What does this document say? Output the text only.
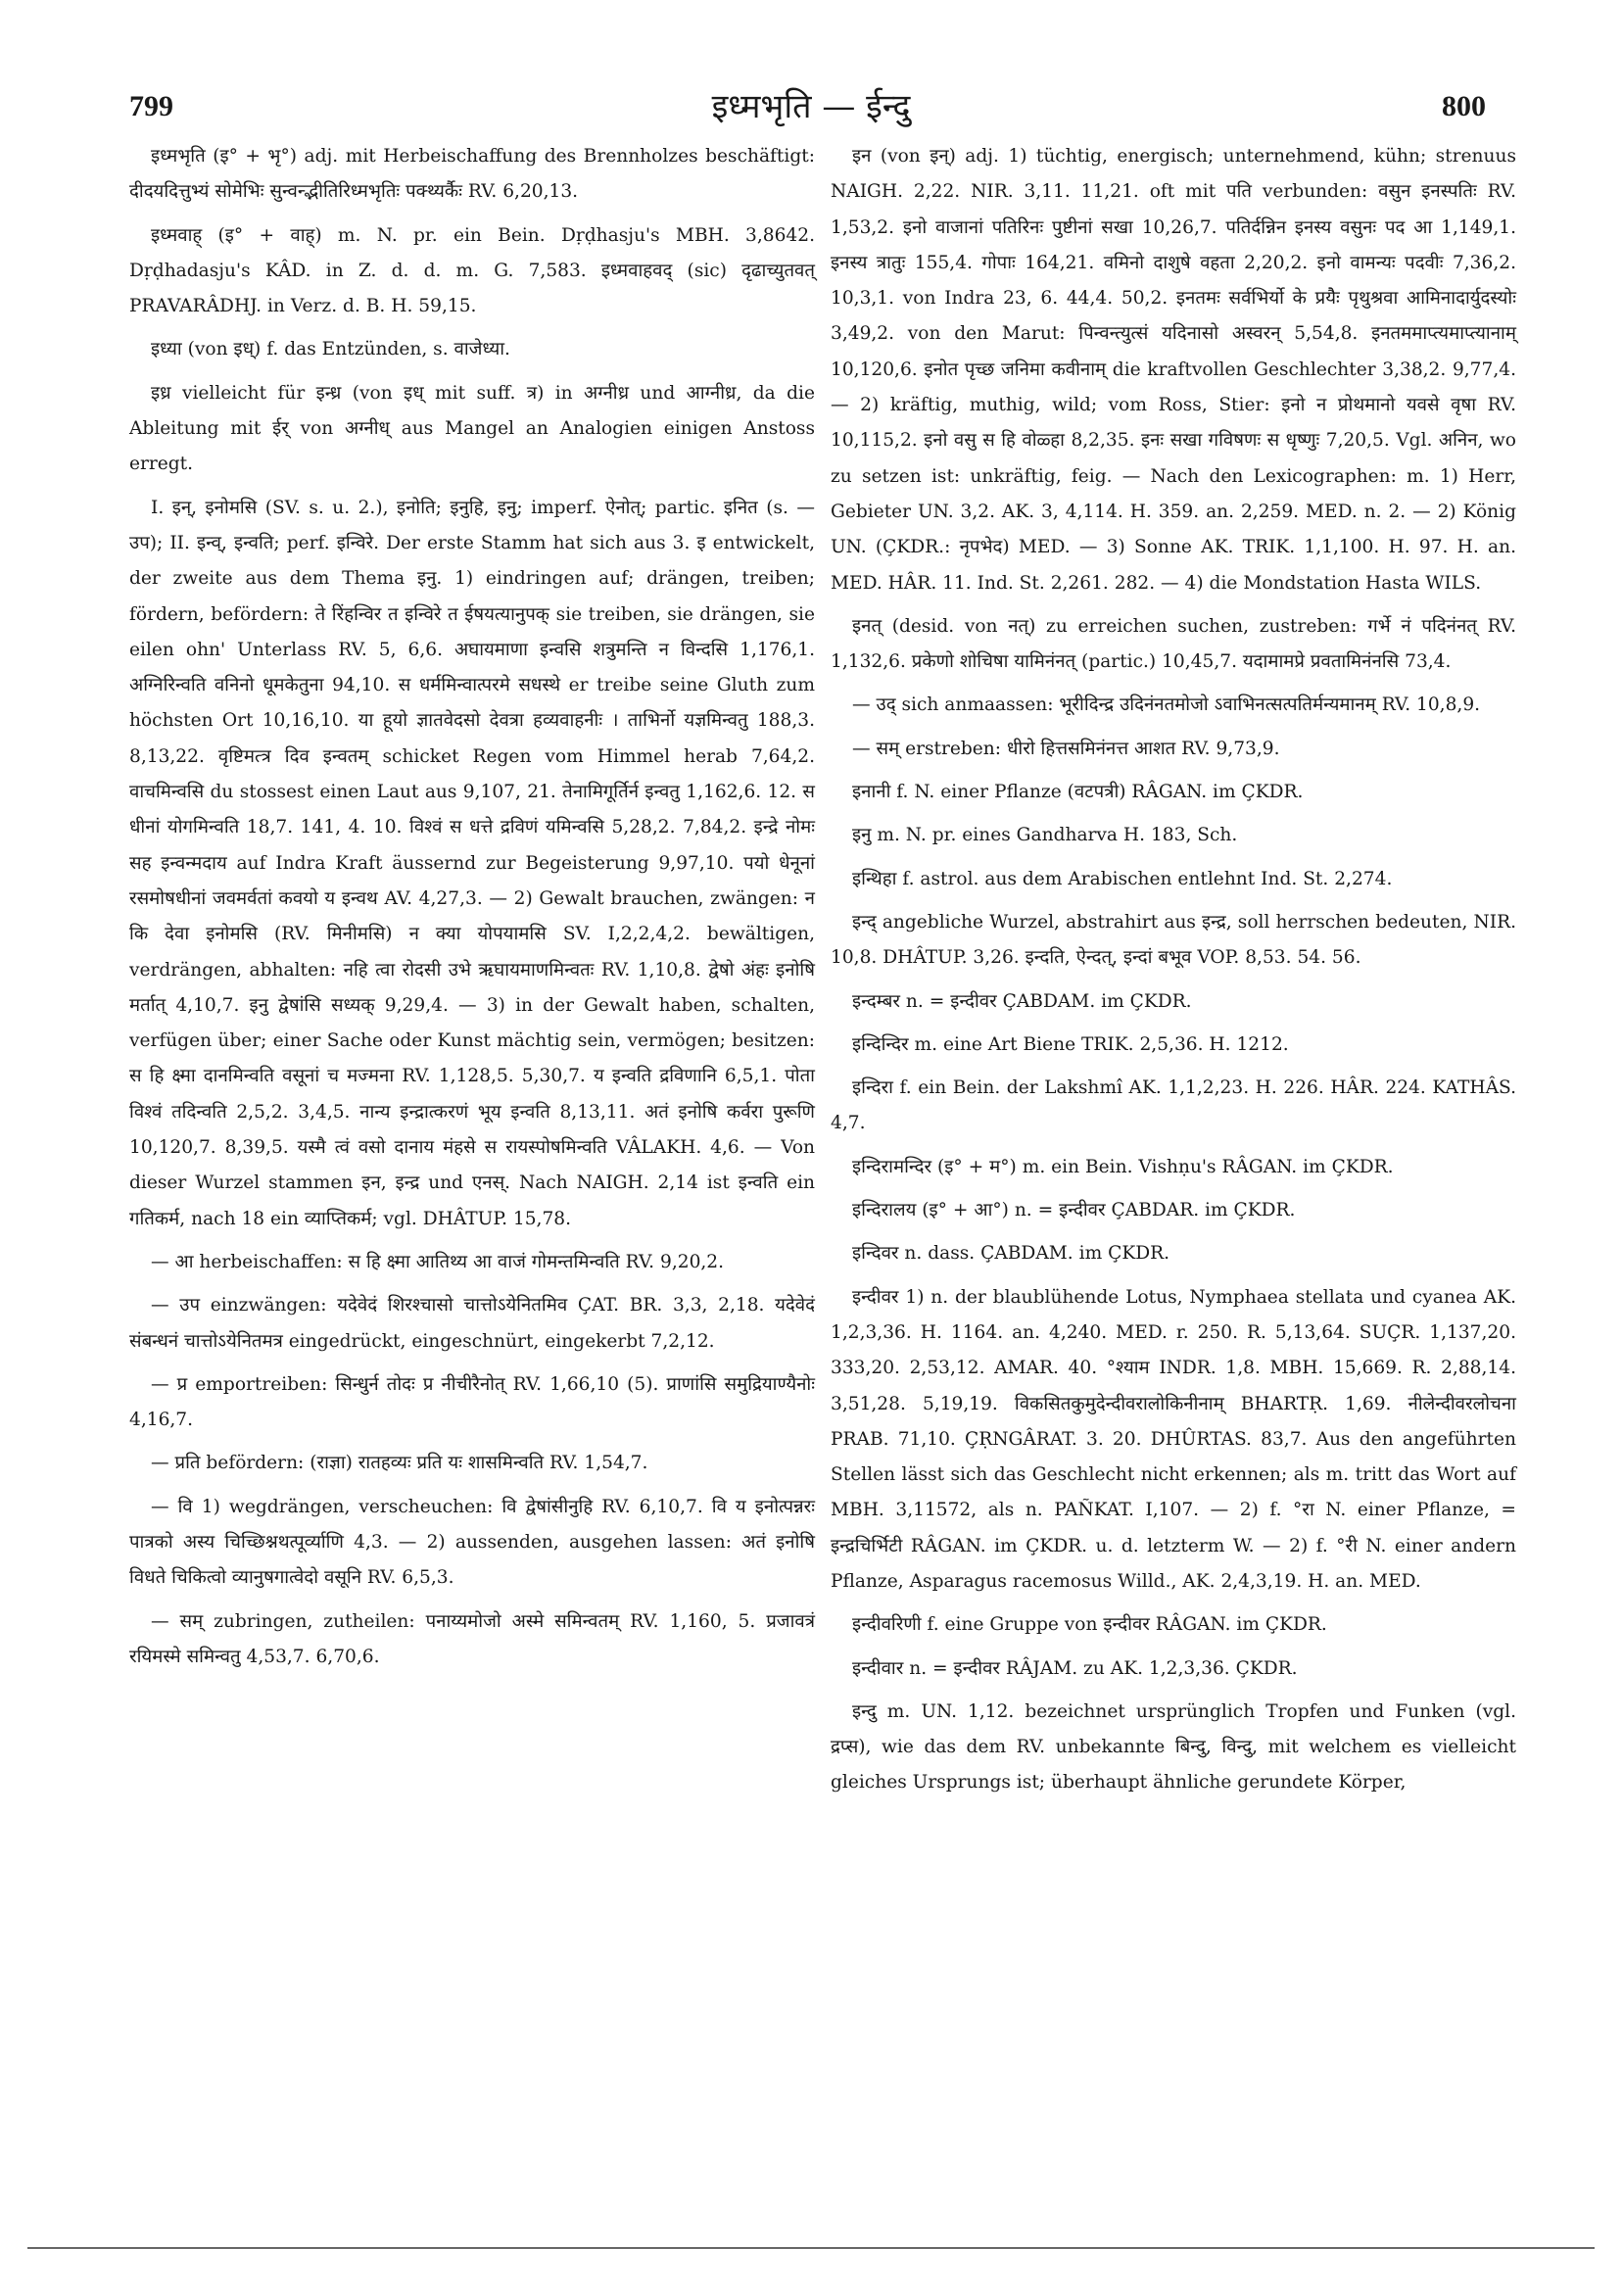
799	इध्मभृति — ईन्दु	800

इध्मभृति (इ° + भृ°) adj. mit Herbeischaffung des Brennholzes beschäftigt: दीदयदित्तुभ्यं सोमेभिः सुन्वन्द्भीतिरिध्मभृतिः पक्थ्यर्कैः RV. 6,20,13.

इध्मवाह् (इ° + वाह्) m. N. pr. ein Bein. Dṛḍhasju's MBH. 3,8642. Dṛḍhadasju's KÂD. in Z. d. d. m. G. 7,583. इध्मवाहवद् (sic) दृढाच्युतवत् PRAVARÂDHJ. in Verz. d. B. H. 59,15.

इध्या (von इध्) f. das Entzünden, s. वाजेध्या.

इध्र vielleicht für इन्ध्र (von इध् mit suff. त्र) in अग्नीध्र und आग्नीध्र, da die Ableitung mit ईर् von अग्नीध् aus Mangel an Analogien einigen Anstoss erregt.

I. इन्, इनोमसि (SV. s. u. 2.), इनोति; इनुहि, इनु; imperf. ऐनोत्; partic. इनित (s. — उप); II. इन्व्, इन्वति; perf. इन्विरे. Der erste Stamm hat sich aus 3. इ entwickelt, der zweite aus dem Thema इनु. 1) eindringen auf; drängen, treiben; fördern, befördern: ते रिंहन्विर त इन्विरे त ईषयत्यानुपक् sie treiben, sie drängen, sie eilen ohn' Unterlass RV. 5, 6,6. अघायमाणा इन्वसि शत्रुमन्ति न विन्दसि 1,176,1. अग्निरिन्वति वनिनो धूमकेतुना 94,10. स धर्ममिन्वात्परमे सधस्थे er treibe seine Gluth zum höchsten Ort 10,16,10. या हूयो ज्ञातवेदसो देवत्रा हव्यवाहनीः । ताभिर्नो यज्ञमिन्वतु 188,3. 8,13,22. वृष्टिमत्त्र दिव इन्वतम् schicket Regen vom Himmel herab 7,64,2. वाचमिन्वसि du stossest einen Laut aus 9,107, 21. तेनामिगूर्तिर्न इन्वतु 1,162,6. 12. स धीनां योगमिन्वति 18,7. 141, 4. 10. विश्वं स धत्ते द्रविणं यमिन्वसि 5,28,2. 7,84,2. इन्द्रे नोमः सह इन्वन्मदाय auf Indra Kraft äussernd zur Begeisterung 9,97,10. पयो धेनूनां रसमोषधीनां जवमर्वतां कवयो य इन्वथ AV. 4,27,3. — 2) Gewalt brauchen, zwängen: न कि देवा इनोमसि (RV. मिनीमसि) न क्या योपयामसि SV. I,2,2,4,2. bewältigen, verdrängen, abhalten: नहि त्वा रोदसी उभे ऋघायमाणमिन्वतः RV. 1,10,8. द्वेषो अंहः इनोषि मर्तात् 4,10,7. इनु द्वेषांसि सध्यक् 9,29,4. — 3) in der Gewalt haben, schalten, verfügen über; einer Sache oder Kunst mächtig sein, vermögen; besitzen: स हि क्ष्मा दानमिन्वति वसूनां च मज्मना RV. 1,128,5. 5,30,7. य इन्वति द्रविणानि 6,5,1. पोता विश्वं तदिन्वति 2,5,2. 3,4,5. नान्य इन्द्रात्करणं भूय इन्वति 8,13,11. अतं इनोषि कर्वरा पुरूणि 10,120,7. 8,39,5. यस्मै त्वं वसो दानाय मंहसे स रायस्पोषमिन्वति VÂLAKH. 4,6. — Von dieser Wurzel stammen इन, इन्द्र und एनस्. Nach NAIGH. 2,14 ist इन्वति ein गतिकर्म, nach 18 ein व्याप्तिकर्म; vgl. DHÂTUP. 15,78.

— आ herbeischaffen: स हि क्ष्मा आतिथ्य आ वाजं गोमन्तमिन्वति RV. 9,20,2.

— उप einzwängen: यदेवेदं शिरश्चासो चात्तोऽयेनितमिव ÇAT. BR. 3,3, 2,18. यदेवेदं संबन्धनं चात्तोऽयेनितमत्र eingedrückt, eingeschnürt, eingekerbt 7,2,12.

— प्र emportreiben: सिन्धुर्न तोदः प्र नीचीरैनोत् RV. 1,66,10 (5). प्राणांसि समुद्रियाण्यैनोः 4,16,7.

— प्रति befördern: (राज्ञा) रातहव्यः प्रति यः शासमिन्वति RV. 1,54,7.

— वि 1) wegdrängen, verscheuchen: वि द्वेषांसीनुहि RV. 6,10,7. वि य इनोत्पन्नरः पात्रको अस्य चिच्छिश्नथत्पूर्व्याणि 4,3. — 2) aussenden, ausgehen lassen: अतं इनोषि विधते चिकित्वो व्यानुषगात्वेदो वसूनि RV. 6,5,3.

— सम् zubringen, zutheilen: पनाय्यमोजो अस्मे समिन्वतम् RV. 1,160, 5. प्रजावत्रं रयिमस्मे समिन्वतु 4,53,7. 6,70,6.

इन (von इन्) adj. 1) tüchtig, energisch; unternehmend, kühn; strenuus NAIGH. 2,22. NIR. 3,11. 11,21. oft mit पति verbunden: वसुन इनस्पतिः RV. 1,53,2. इनो वाजानां पतिरिनः पुष्टीनां सखा 10,26,7. पतिर्दन्निन इनस्य वसुनः पद आ 1,149,1. इनस्य त्रातुः 155,4. गोपाः 164,21. वमिनो दाशुषे वहता 2,20,2. इनो वामन्यः पदवीः 7,36,2. 10,3,1. von Indra 23, 6. 44,4. 50,2. इनतमः सर्वभिर्यो के प्रयेैः पृथुश्रवा आमिनादार्युदस्योः 3,49,2. von den Marut: पिन्वन्त्युत्सं यदिनासो अस्वरन् 5,54,8. इनतममाप्त्यमाप्त्यानाम् 10,120,6. इनोत पृच्छ जनिमा कवीनाम् die kraftvollen Geschlechter 3,38,2. 9,77,4. — 2) kräftig, muthig, wild; vom Ross, Stier: इनो न प्रोथमानो यवसे वृषा RV. 10,115,2. इनो वसु स हि वोळ्हा 8,2,35. इनः सखा गविषणः स धृष्णुः 7,20,5. Vgl. अनिन, wo zu setzen ist: unkräftig, feig. — Nach den Lexicographen: m. 1) Herr, Gebieter UN. 3,2. AK. 3, 4,114. H. 359. an. 2,259. MED. n. 2. — 2) König UN. (ÇKDR.: नृपभेद) MED. — 3) Sonne AK. TRIK. 1,1,100. H. 97. H. an. MED. HÂR. 11. Ind. St. 2,261. 282. — 4) die Mondstation Hasta WILS.

इनत् (desid. von नत्) zu erreichen suchen, zustreben: गर्भे नं पदिनंनत् RV. 1,132,6. प्रकेणो शोचिषा यामिनंनत् (partic.) 10,45,7. यदामामप्रे प्रवतामिनंनसि 73,4.

— उद् sich anmaassen: भूरीदिन्द्र उदिनंनतमोजो ऽवाभिनत्सत्पतिर्मन्यमानम् RV. 10,8,9.

— सम् erstreben: धीरो हित्तसमिनंनत्त आशत RV. 9,73,9.

इनानी f. N. einer Pflanze (वटपत्री) RÂGAN. im ÇKDR.

इनु m. N. pr. eines Gandharva H. 183, Sch.

इन्थिहा f. astrol. aus dem Arabischen entlehnt Ind. St. 2,274.

इन्द् angebliche Wurzel, abstrahirt aus इन्द्र, soll herrschen bedeuten, NIR. 10,8. DHÂTUP. 3,26. इन्दति, ऐन्दत्, इन्दां बभूव VOP. 8,53. 54. 56.

इन्दम्बर n. = इन्दीवर ÇABDAM. im ÇKDR.

इन्दिन्दिर m. eine Art Biene TRIK. 2,5,36. H. 1212.

इन्दिरा f. ein Bein. der Lakshmî AK. 1,1,2,23. H. 226. HÂR. 224. KATHÂS. 4,7.

इन्दिरामन्दिर (इ° + म°) m. ein Bein. Vishṇu's RÂGAN. im ÇKDR.

इन्दिरालय (इ° + आ°) n. = इन्दीवर ÇABDAR. im ÇKDR.

इन्दिवर n. dass. ÇABDAM. im ÇKDR.

इन्दीवर 1) n. der blaublühende Lotus, Nymphaea stellata und cyanea AK. 1,2,3,36. H. 1164. an. 4,240. MED. r. 250. R. 5,13,64. SUÇR. 1,137,20. 333,20. 2,53,12. AMAR. 40. °श्याम INDR. 1,8. MBH. 15,669. R. 2,88,14. 3,51,28. 5,19,19. विकसितकुमुदेन्दीवरालोकिनीनाम् BHARTṚ. 1,69. नीलेन्दीवरलोचना PRAB. 71,10. ÇṚNGÂRAT. 3. 20. DHÛRTAS. 83,7. Aus den angeführten Stellen lässt sich das Geschlecht nicht erkennen; als m. tritt das Wort auf MBH. 3,11572, als n. PAÑKAT. I,107. — 2) f. °रा N. einer Pflanze, = इन्द्रचिर्भिटी RÂGAN. im ÇKDR. u. d. letzterm W. — 2) f. °री N. einer andern Pflanze, Asparagus racemosus Willd., AK. 2,4,3,19. H. an. MED.

इन्दीवरिणी f. eine Gruppe von इन्दीवर RÂGAN. im ÇKDR.

इन्दीवार n. = इन्दीवर RÂJAM. zu AK. 1,2,3,36. ÇKDR.

इन्दु m. UN. 1,12. bezeichnet ursprünglich Tropfen und Funken (vgl. द्रप्स), wie das dem RV. unbekannte बिन्दु, विन्दु, mit welchem es vielleicht gleiches Ursprungs ist; überhaupt ähnliche gerundete Körper,
